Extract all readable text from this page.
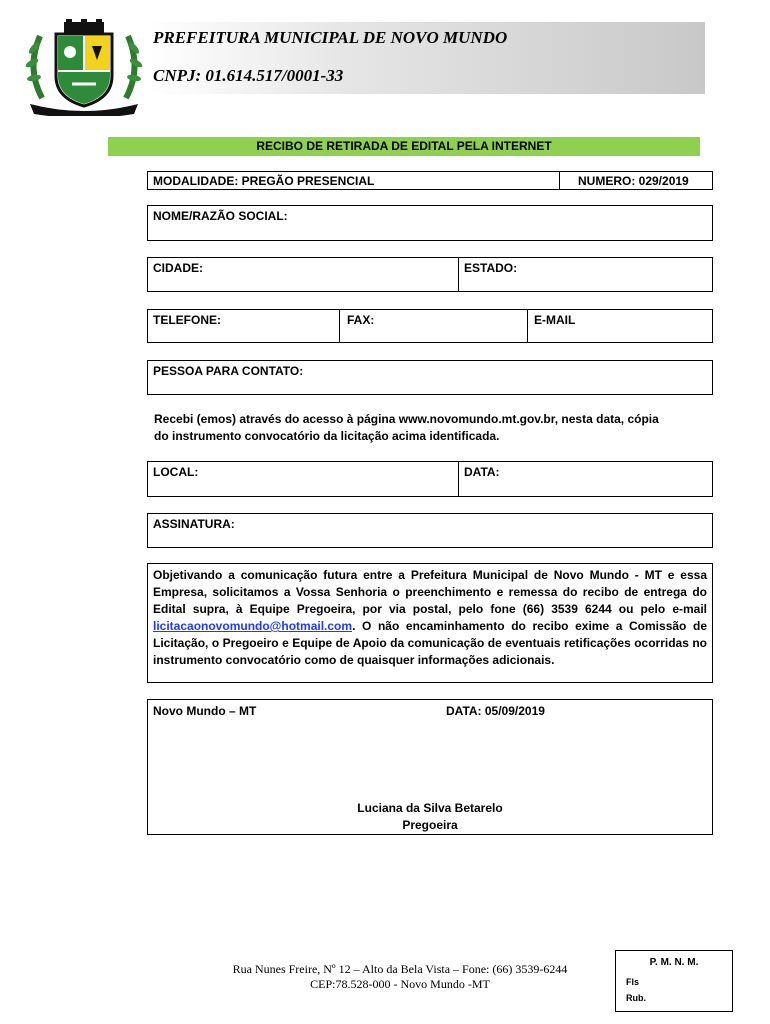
PREFEITURA MUNICIPAL DE NOVO MUNDO
CNPJ: 01.614.517/0001-33
RECIBO DE RETIRADA DE EDITAL PELA INTERNET
MODALIDADE: PREGÃO PRESENCIAL	NUMERO: 029/2019
NOME/RAZÃO SOCIAL:
CIDADE:	ESTADO:
TELEFONE:	FAX:	E-MAIL
PESSOA PARA CONTATO:
Recebi (emos) através do acesso à página www.novomundo.mt.gov.br, nesta data, cópia
do instrumento convocatório da licitação acima identificada.
LOCAL:	DATA:
ASSINATURA:
Objetivando a comunicação futura entre a Prefeitura Municipal de Novo Mundo - MT e essa Empresa, solicitamos a Vossa Senhoria o preenchimento e remessa do recibo de entrega do Edital supra, à Equipe Pregoeira, por via postal, pelo fone (66) 3539 6244 ou pelo e-mail licitacaonovomundo@hotmail.com. O não encaminhamento do recibo exime a Comissão de Licitação, o Pregoeiro e Equipe de Apoio da comunicação de eventuais retificações ocorridas no instrumento convocatório como de quaisquer informações adicionais.
Novo Mundo – MT	DATA: 05/09/2019
Luciana da Silva Betarelo
Pregoeira
Rua Nunes Freire, Nº 12 – Alto da Bela Vista – Fone: (66) 3539-6244
CEP:78.528-000 - Novo Mundo -MT
P. M. N. M.
Fls
Rub.
